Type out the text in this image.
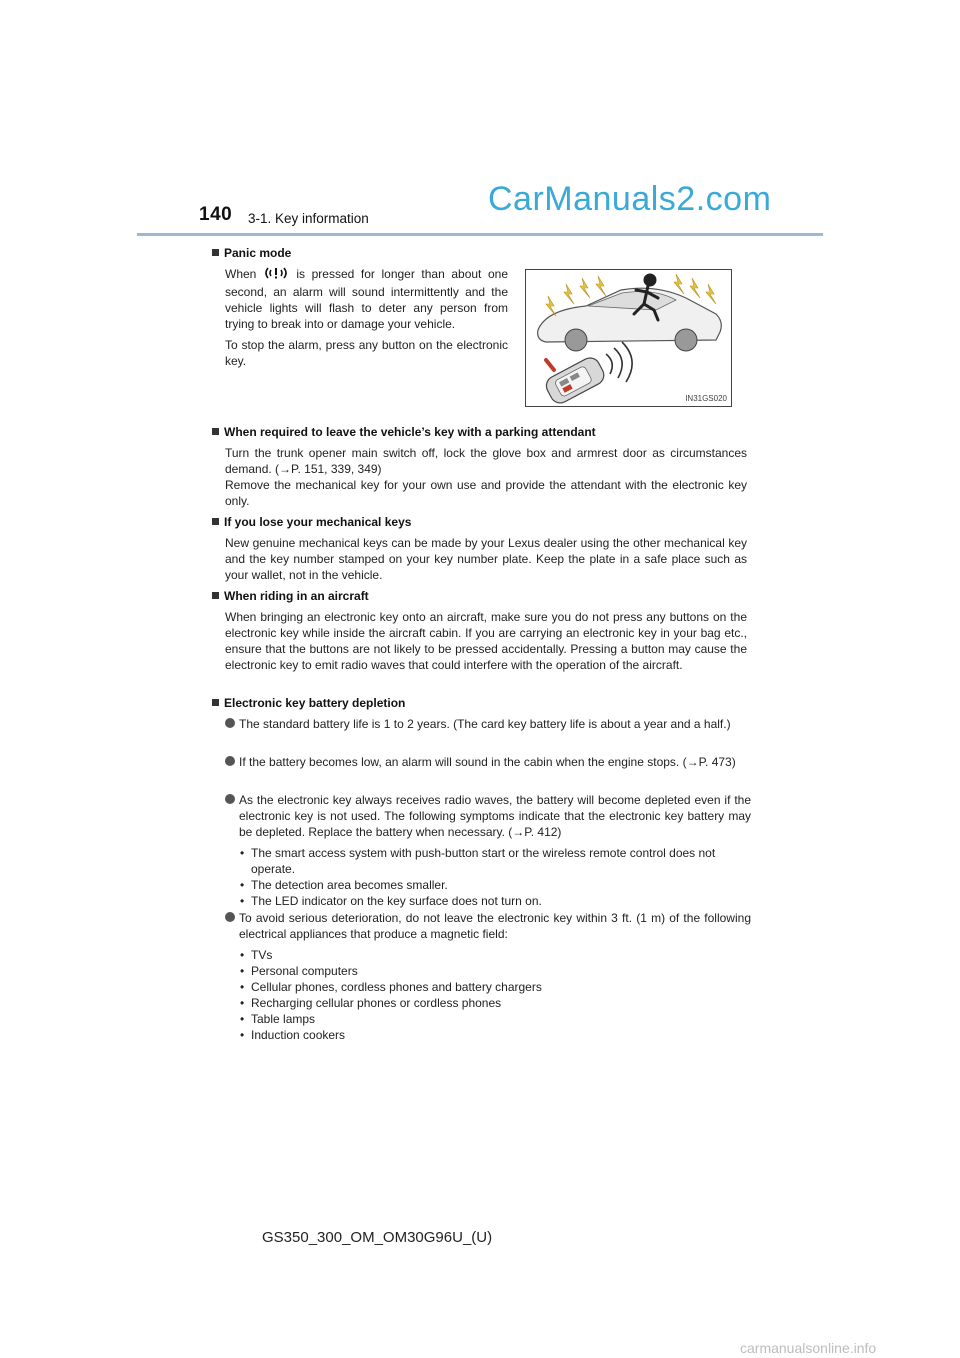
140 3-1. Key information
CarManuals2.com
Panic mode

When	is pressed for longer than about one second, an alarm will sound intermittently and the vehicle lights will flash to deter any person from trying to break into or damage your vehicle.

To stop the alarm, press any button on the electronic key.

IN31GS020
When required to leave the vehicle’s key with a parking attendant

Turn the trunk opener main switch off, lock the glove box and armrest door as circumstances demand. (→P. 151, 339, 349)

Remove the mechanical key for your own use and provide the attendant with the electronic key only.

If you lose your mechanical keys

New genuine mechanical keys can be made by your Lexus dealer using the other mechanical key and the key number stamped on your key number plate. Keep the plate in a safe place such as your wallet, not in the vehicle.

When riding in an aircraft

When bringing an electronic key onto an aircraft, make sure you do not press any buttons on the electronic key while inside the aircraft cabin. If you are carrying an electronic key in your bag etc., ensure that the buttons are not likely to be pressed accidentally. Pressing a button may cause the electronic key to emit radio waves that could interfere with the operation of the aircraft.

Electronic key battery depletion
The standard battery life is 1 to 2 years. (The card key battery life is about a year and a half.)
If the battery becomes low, an alarm will sound in the cabin when the engine stops. (→P. 473)
As the electronic key always receives radio waves, the battery will become depleted even if the electronic key is not used. The following symptoms indicate that the electronic key battery may be depleted. Replace the battery when necessary. (→P. 412)
• The smart access system with push-button start or the wireless remote control does not operate.
• The detection area becomes smaller.
• The LED indicator on the key surface does not turn on.
To avoid serious deterioration, do not leave the electronic key within 3 ft. (1 m) of the following electrical appliances that produce a magnetic field:
• TVs
• Personal computers
• Cellular phones, cordless phones and battery chargers
• Recharging cellular phones or cordless phones
• Table lamps
• Induction cookers
GS350_300_OM_OM30G96U_(U)
carmanualsonline.info
